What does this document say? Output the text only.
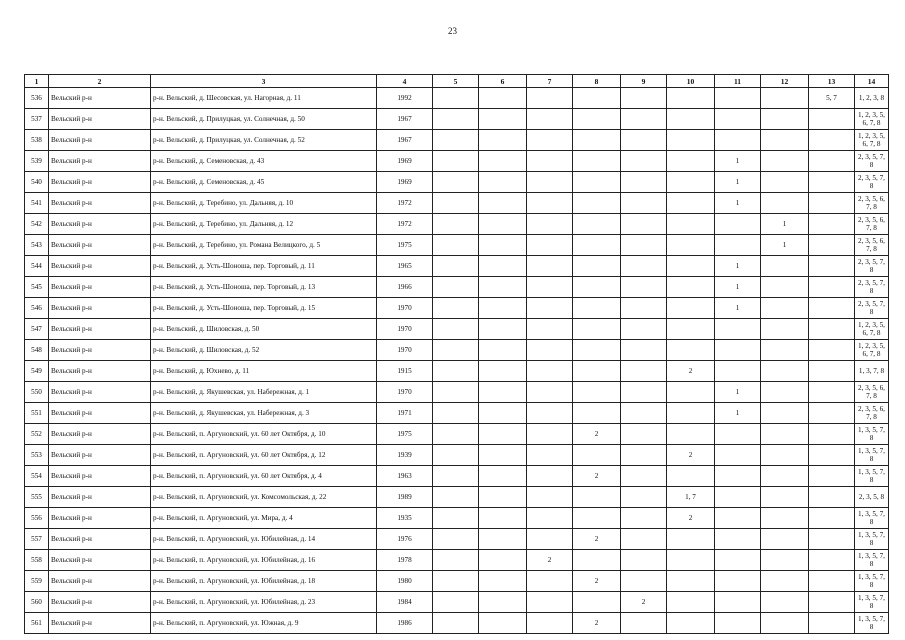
23
1	2	3	4	5	6	7	8	9	10	11	12	13	14
536	Вельский р-н	р-н. Вельский, д. Шесовская, ул. Нагорная, д. 11	1992									5, 7	1, 2, 3, 8
537	Вельский р-н	р-н. Вельский, д. Прилуцкая, ул. Солнечная, д. 50	1967										1, 2, 3, 5, 6, 7, 8
538	Вельский р-н	р-н. Вельский, д. Прилуцкая, ул. Солнечная, д. 52	1967										1, 2, 3, 5, 6, 7, 8
539	Вельский р-н	р-н. Вельский, д. Семеновская, д. 43	1969							1			2, 3, 5, 7, 8
540	Вельский р-н	р-н. Вельский, д. Семеновская, д. 45	1969							1			2, 3, 5, 7, 8
541	Вельский р-н	р-н. Вельский, д. Теребино, ул. Дальняя, д. 10	1972							1			2, 3, 5, 6, 7, 8
542	Вельский р-н	р-н. Вельский, д. Теребино, ул. Дальняя, д. 12	1972								1		2, 3, 5, 6, 7, 8
543	Вельский р-н	р-н. Вельский, д. Теребино, ул. Романа Велицкого, д. 5	1975								1		2, 3, 5, 6, 7, 8
544	Вельский р-н	р-н. Вельский, д. Усть-Шоноша, пер. Торговый, д. 11	1965							1			2, 3, 5, 7, 8
545	Вельский р-н	р-н. Вельский, д. Усть-Шоноша, пер. Торговый, д. 13	1966							1			2, 3, 5, 7, 8
546	Вельский р-н	р-н. Вельский, д. Усть-Шоноша, пер. Торговый, д. 15	1970							1			2, 3, 5, 7, 8
547	Вельский р-н	р-н. Вельский, д. Шиловская, д. 50	1970										1, 2, 3, 5, 6, 7, 8
548	Вельский р-н	р-н. Вельский, д. Шиловская, д. 52	1970										1, 2, 3, 5, 6, 7, 8
549	Вельский р-н	р-н. Вельский, д. Юхнево, д. 11	1915						2				1, 3, 7, 8
550	Вельский р-н	р-н. Вельский, д. Якушевская, ул. Набережная, д. 1	1970							1			2, 3, 5, 6, 7, 8
551	Вельский р-н	р-н. Вельский, д. Якушевская, ул. Набережная, д. 3	1971							1			2, 3, 5, 6, 7, 8
552	Вельский р-н	р-н. Вельский, п. Аргуновский, ул. 60 лет Октября, д. 10	1975				2						1, 3, 5, 7, 8
553	Вельский р-н	р-н. Вельский, п. Аргуновский, ул. 60 лет Октября, д. 12	1939						2				1, 3, 5, 7, 8
554	Вельский р-н	р-н. Вельский, п. Аргуновский, ул. 60 лет Октября, д. 4	1963				2						1, 3, 5, 7, 8
555	Вельский р-н	р-н. Вельский, п. Аргуновский, ул. Комсомольская, д. 22	1989						1, 7				2, 3, 5, 8
556	Вельский р-н	р-н. Вельский, п. Аргуновский, ул. Мира, д. 4	1935						2				1, 3, 5, 7, 8
557	Вельский р-н	р-н. Вельский, п. Аргуновский, ул. Юбилейная, д. 14	1976				2						1, 3, 5, 7, 8
558	Вельский р-н	р-н. Вельский, п. Аргуновский, ул. Юбилейная, д. 16	1978			2							1, 3, 5, 7, 8
559	Вельский р-н	р-н. Вельский, п. Аргуновский, ул. Юбилейная, д. 18	1980				2						1, 3, 5, 7, 8
560	Вельский р-н	р-н. Вельский, п. Аргуновский, ул. Юбилейная, д. 23	1984					2					1, 3, 5, 7, 8
561	Вельский р-н	р-н. Вельский, п. Аргуновский, ул. Южная, д. 9	1986				2						1, 3, 5, 7, 8
